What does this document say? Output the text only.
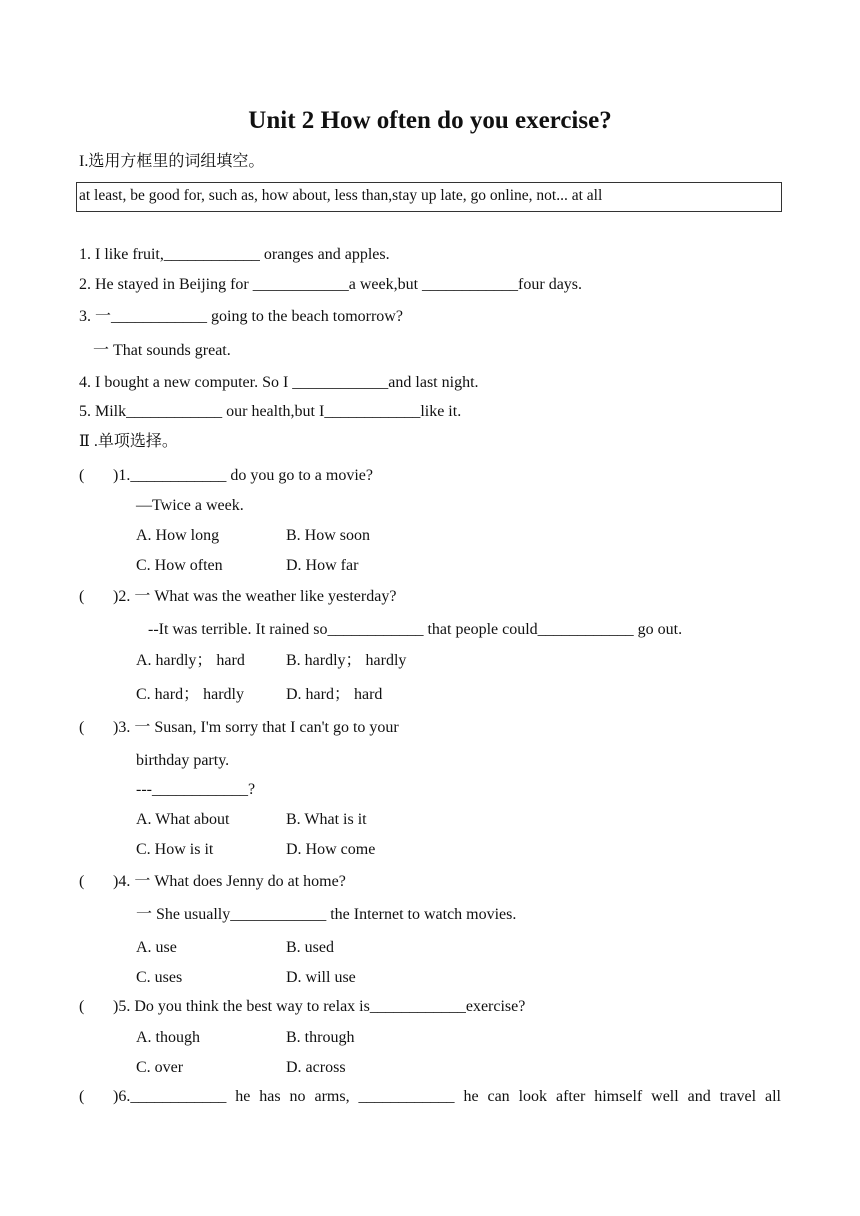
Unit 2 How often do you exercise?
I.选用方框里的词组填空。
at least, be good for, such as, how about, less than,stay up late, go online, not... at all
1. I like fruit,____________ oranges and apples.
2. He stayed in Beijing for ____________a week,but ____________four days.
3. 一____________ going to the beach tomorrow?
一 That sounds great.
4. I bought a new computer. So I ____________and last night.
5. Milk____________ our health,but I____________like it.
Ⅱ .单项选择。
( )1.____________ do you go to a movie?
—Twice a week.
A. How long	B. How soon
C. How often	D. How far
( )2. 一 What was the weather like yesterday?
--It was terrible. It rained so____________ that people could____________ go out.
A. hardly； hard	B. hardly； hardly
C. hard； hardly	D. hard； hard
( )3. 一 Susan, I'm sorry that I can't go to your
birthday party.
---____________?
A. What about	B. What is it
C. How is it	D. How come
( )4. 一 What does Jenny do at home?
一 She usually____________ the Internet to watch movies.
A. use	B. used
C. uses	D. will use
( )5. Do you think the best way to relax is____________exercise?
A. though	B. through
C. over	D. across
( )6.____________ he has no arms, ____________ he can look after himself well and travel all
